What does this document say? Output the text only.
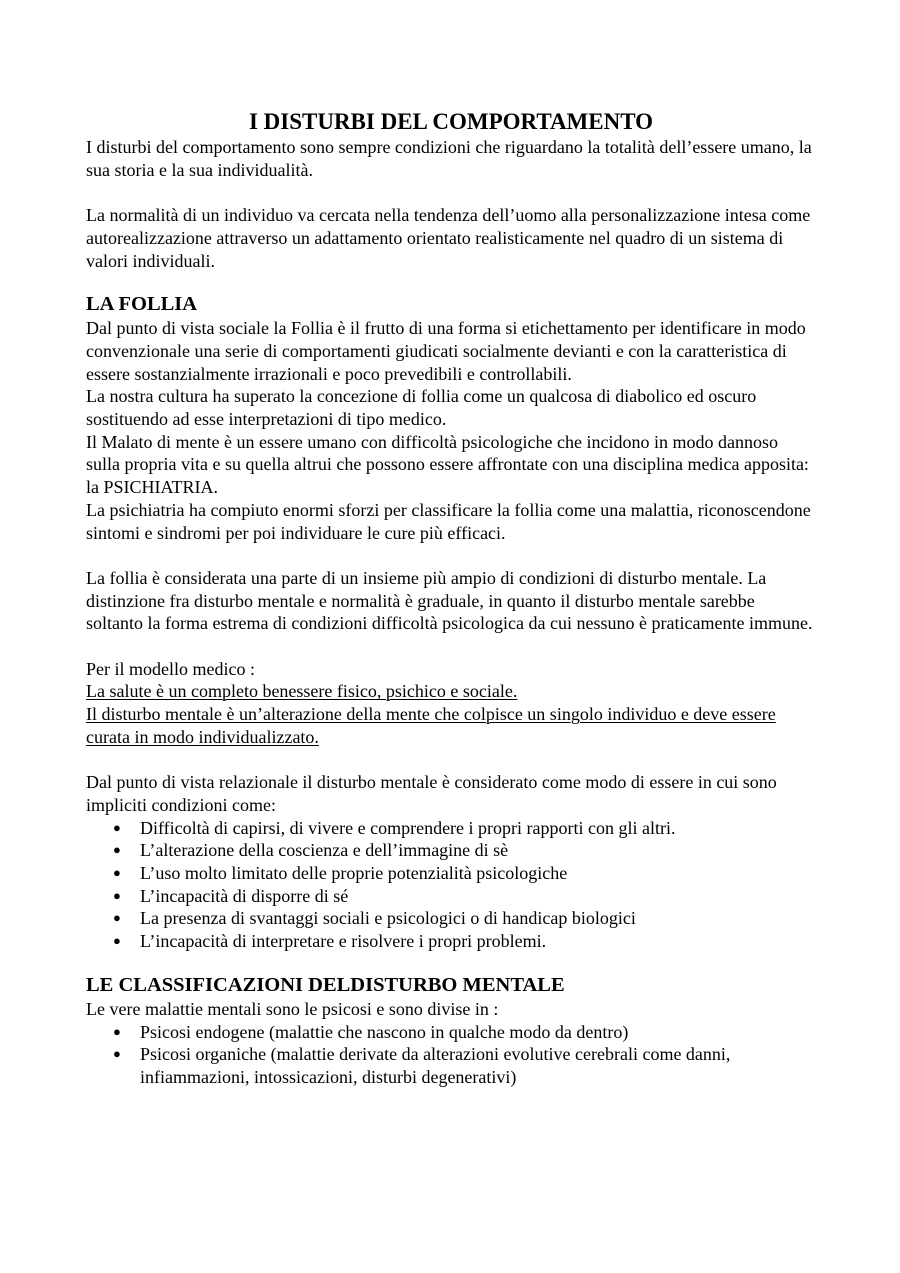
I DISTURBI DEL COMPORTAMENTO

I disturbi del comportamento sono sempre condizioni che riguardano la totalità dell’essere umano, la sua storia e la sua individualità.

La normalità di un individuo va cercata nella tendenza dell’uomo alla personalizzazione intesa come autorealizzazione attraverso un adattamento orientato realisticamente nel quadro di un sistema di valori individuali.

LA FOLLIA

Dal punto di vista sociale la Follia è il frutto di una forma si etichettamento per identificare in modo convenzionale una serie di comportamenti giudicati socialmente devianti e con la caratteristica di essere sostanzialmente irrazionali e poco prevedibili e controllabili.

La nostra cultura ha superato la concezione di follia come un qualcosa di diabolico ed oscuro sostituendo ad esse interpretazioni di tipo medico.

Il Malato di mente è un essere umano con difficoltà psicologiche che incidono in modo dannoso sulla propria vita e su quella altrui che possono essere affrontate con una disciplina medica apposita: la PSICHIATRIA.

La psichiatria ha compiuto enormi sforzi per classificare la follia come una malattia, riconoscendone sintomi e sindromi per poi individuare le cure più efficaci.

La follia è considerata una parte di un insieme più ampio di condizioni di disturbo mentale. La distinzione fra disturbo mentale e normalità è graduale, in quanto il disturbo mentale sarebbe soltanto la forma estrema di condizioni difficoltà psicologica da cui nessuno è praticamente immune.

Per il modello medico :

La salute è un completo benessere fisico, psichico e sociale.

Il disturbo mentale è un’alterazione della mente che colpisce un singolo individuo e deve essere curata in modo individualizzato.

Dal punto di vista relazionale il disturbo mentale è considerato come modo di essere in cui sono impliciti condizioni come:

● Difficoltà di capirsi, di vivere e comprendere i propri rapporti con gli altri.
● L’alterazione della coscienza e dell’immagine di sè
● L’uso molto limitato delle proprie potenzialità psicologiche
● L’incapacità di disporre di sé
● La presenza di svantaggi sociali e psicologici o di handicap biologici
● L’incapacità di interpretare e risolvere i propri problemi.
LE CLASSIFICAZIONI DELDISTURBO MENTALE

Le vere malattie mentali sono le psicosi e sono divise in :

● Psicosi endogene (malattie che nascono in qualche modo da dentro)
● Psicosi organiche (malattie derivate da alterazioni evolutive cerebrali come danni, infiammazioni, intossicazioni, disturbi degenerativi)
